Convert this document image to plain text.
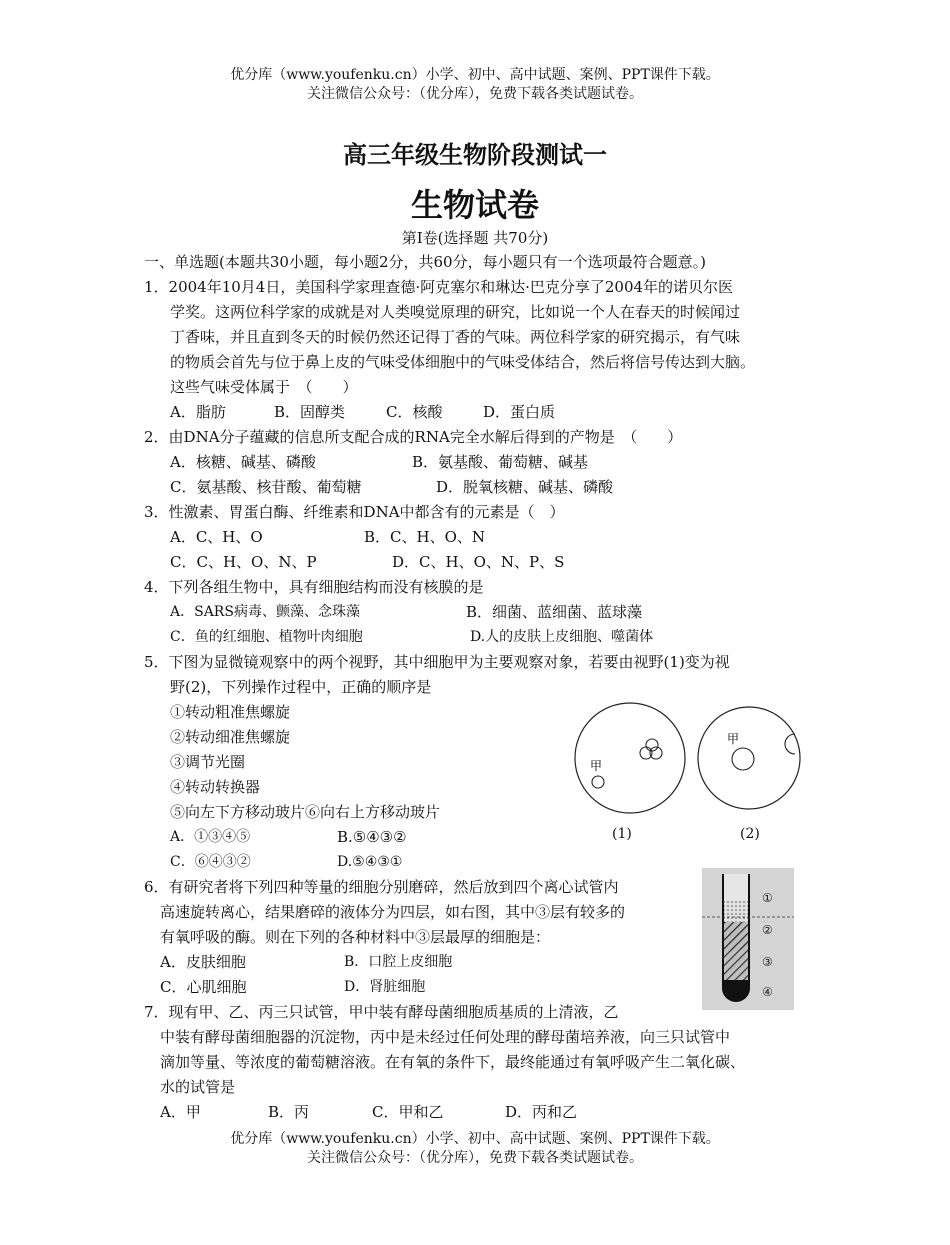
优分库（www.youfenku.cn）小学、初中、高中试题、案例、PPT课件下载。
关注微信公众号：（优分库），免费下载各类试题试卷。
高三年级生物阶段测试一
生物试卷
第Ⅰ卷(选择题 共70分)
一、单选题(本题共30小题，每小题2分，共60分，每小题只有一个选项最符合题意。)
1．2004年10月4日，美国科学家理查德·阿克塞尔和琳达·巴克分享了2004年的诺贝尔医
学奖。这两位科学家的成就是对人类嗅觉原理的研究，比如说一个人在春天的时候闻过
丁香味，并且直到冬天的时候仍然还记得丁香的气味。两位科学家的研究揭示，有气味
的物质会首先与位于鼻上皮的气味受体细胞中的气味受体结合，然后将信号传达到大脑。
这些气味受体属于　（　　）
A．脂肪	B．固醇类	C．核酸	D．蛋白质
2．由DNA分子蕴藏的信息所支配合成的RNA完全水解后得到的产物是　（　　）
A．核糖、碱基、磷酸	B．氨基酸、葡萄糖、碱基
C．氨基酸、核苷酸、葡萄糖	D．脱氧核糖、碱基、磷酸
3．性激素、胃蛋白酶、纤维素和DNA中都含有的元素是（　）
A．C、H、O	B．C、H、O、N
C．C、H、O、N、P	D．C、H、O、N、P、S
4．下列各组生物中，具有细胞结构而没有核膜的是
A．SARS病毒、颤藻、念珠藻	B．细菌、蓝细菌、蓝球藻
C．鱼的红细胞、植物叶肉细胞	D.人的皮肤上皮细胞、噬菌体
5．下图为显微镜观察中的两个视野，其中细胞甲为主要观察对象，若要由视野(1)变为视
野(2)，下列操作过程中，正确的顺序是
①转动粗准焦螺旋
②转动细准焦螺旋
③调节光圈
④转动转换器
⑤向左下方移动玻片⑥向右上方移动玻片
A．①③④⑤	B.⑤④③②
C．⑥④③②	D.⑤④③①
甲
甲
(1)	(2)
6．有研究者将下列四种等量的细胞分别磨碎，然后放到四个离心试管内
高速旋转离心，结果磨碎的液体分为四层，如右图，其中③层有较多的
有氧呼吸的酶。则在下列的各种材料中③层最厚的细胞是：
A．皮肤细胞	B．口腔上皮细胞
C．心肌细胞	D．肾脏细胞
①
②
③
④
7．现有甲、乙、丙三只试管，甲中装有酵母菌细胞质基质的上清液，乙
中装有酵母菌细胞器的沉淀物，丙中是未经过任何处理的酵母菌培养液，向三只试管中
滴加等量、等浓度的葡萄糖溶液。在有氧的条件下，最终能通过有氧呼吸产生二氧化碳、
水的试管是
A．甲	B．丙	C．甲和乙	D．丙和乙
优分库（www.youfenku.cn）小学、初中、高中试题、案例、PPT课件下载。
关注微信公众号：（优分库），免费下载各类试题试卷。
